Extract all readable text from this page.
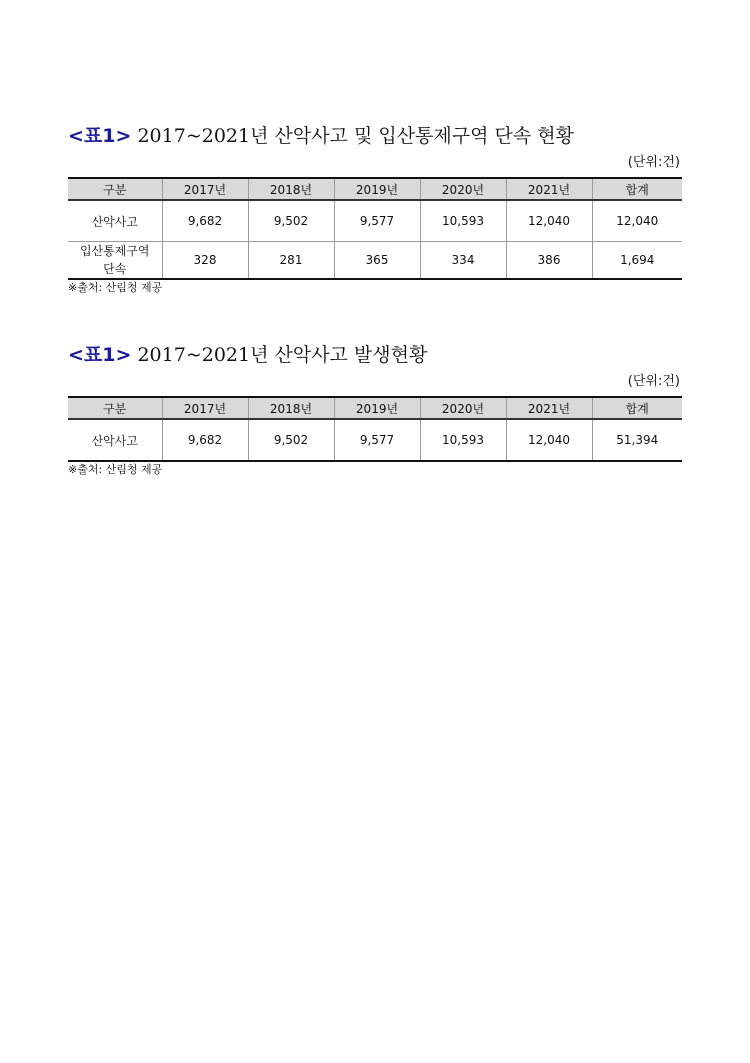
<표1> 2017~2021년 산악사고 및 입산통제구역 단속 현황
(단위:건)
구분	2017년	2018년	2019년	2020년	2021년	합계
산악사고	9,682	9,502	9,577	10,593	12,040	12,040

입산통제구역
단속	328	281	365	334	386	1,694
※출처: 산림청 제공
<표1> 2017~2021년 산악사고 발생현황
(단위:건)
구분	2017년	2018년	2019년	2020년	2021년	합계
산악사고	9,682	9,502	9,577	10,593	12,040	51,394
※출처: 산림청 제공
